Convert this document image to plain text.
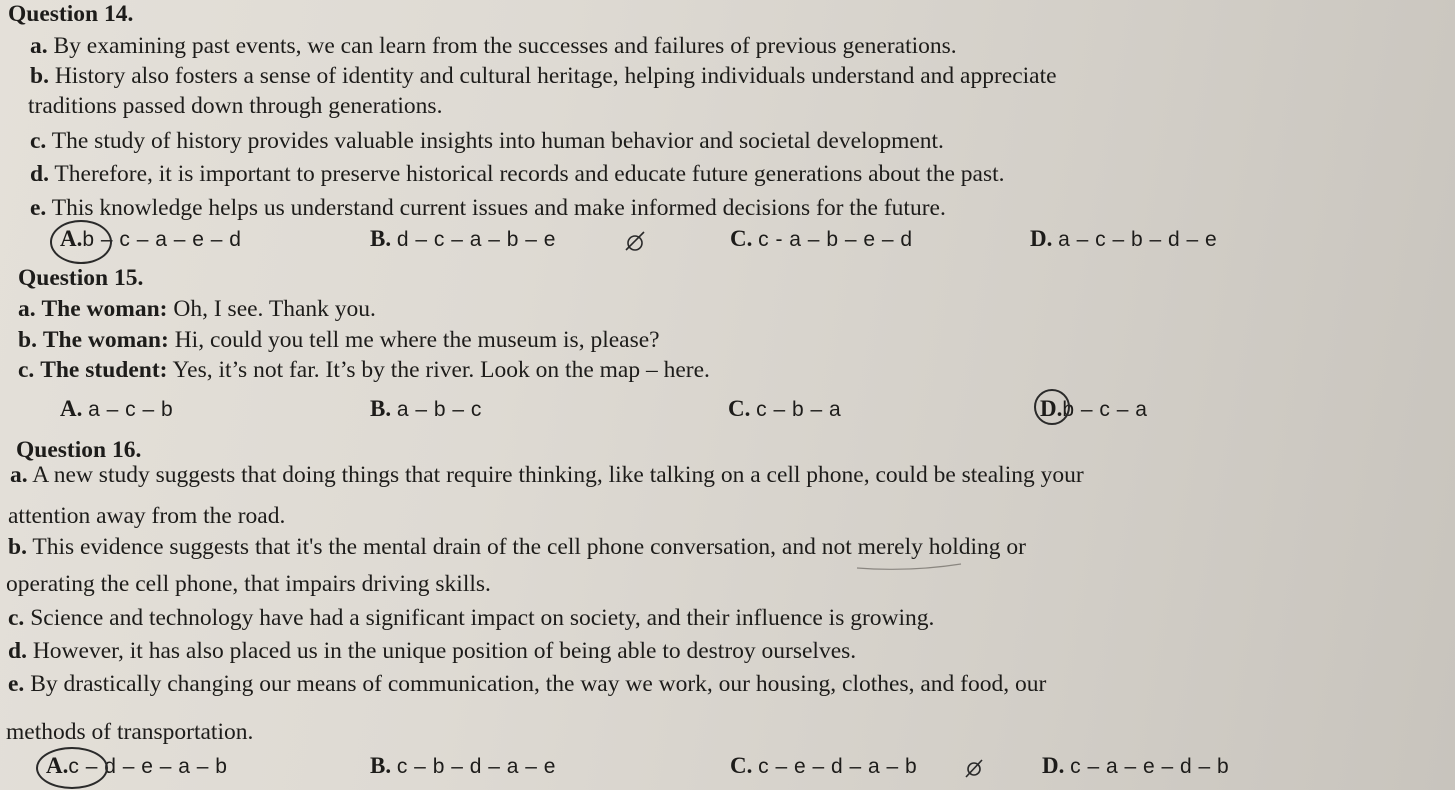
Question 14.
a. By examining past events, we can learn from the successes and failures of previous generations.
b. History also fosters a sense of identity and cultural heritage, helping individuals understand and appreciate
traditions passed down through generations.
c. The study of history provides valuable insights into human behavior and societal development.
d. Therefore, it is important to preserve historical records and educate future generations about the past.
e. This knowledge helps us understand current issues and make informed decisions for the future.
A.b – c – a – e – d	B. d – c – a – b – e	C. c - a – b – e – d	D. a – c – b – d – e
Question 15.
a. The woman: Oh, I see. Thank you.
b. The woman: Hi, could you tell me where the museum is, please?
c. The student: Yes, it’s not far. It’s by the river. Look on the map – here.
A. a – c – b	B. a – b – c	C. c – b – a	D.b – c – a
Question 16.
a. A new study suggests that doing things that require thinking, like talking on a cell phone, could be stealing your
attention away from the road.
b. This evidence suggests that it's the mental drain of the cell phone conversation, and not merely holding or
operating the cell phone, that impairs driving skills.
c. Science and technology have had a significant impact on society, and their influence is growing.
d. However, it has also placed us in the unique position of being able to destroy ourselves.
e. By drastically changing our means of communication, the way we work, our housing, clothes, and food, our
methods of transportation.
A.c – d – e – a – b	B. c – b – d – a – e	C. c – e – d – a – b	D. c – a – e – d – b
